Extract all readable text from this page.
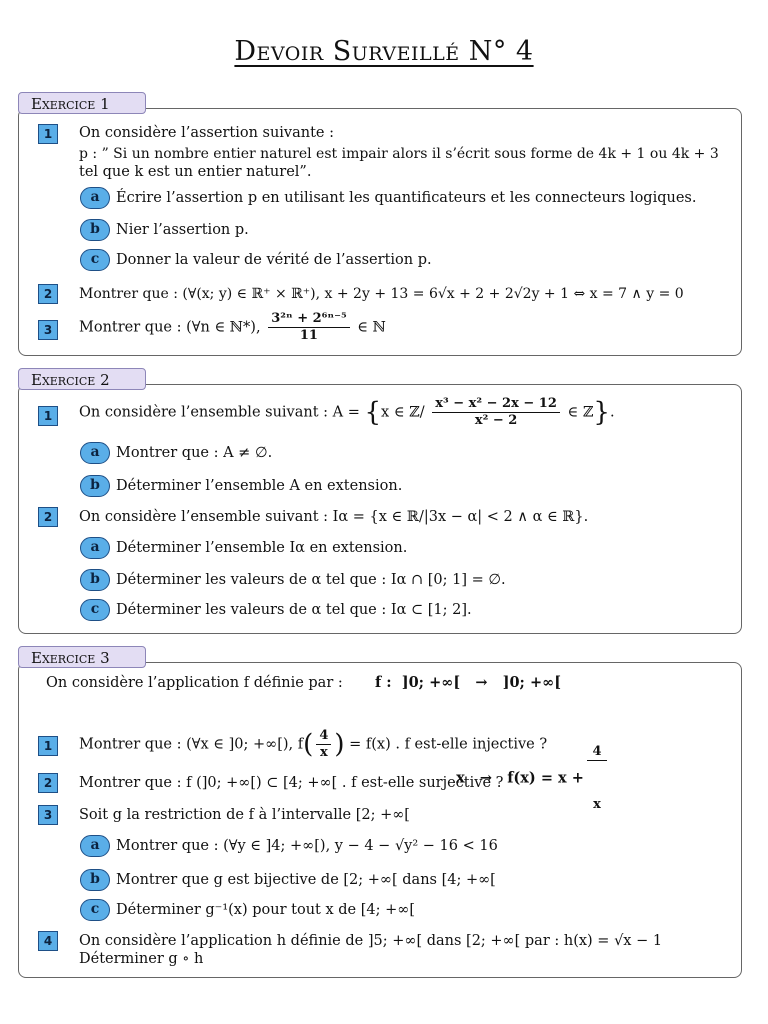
Devoir Surveillé N° 4
Exercice 1
1	On considère l’assertion suivante :
p : ” Si un nombre entier naturel est impair alors il s’écrit sous forme de 4k + 1 ou 4k + 3
tel que k est un entier naturel”.
a	Écrire l’assertion p en utilisant les quantificateurs et les connecteurs logiques.
b	Nier l’assertion p.
c	Donner la valeur de vérité de l’assertion p.
2	Montrer que : (∀(x; y) ∈ ℝ⁺ × ℝ⁺), x + 2y + 13 = 6√x + 2 + 2√2y + 1 ⇔ x = 7 ∧ y = 0
3	Montrer que : (∀n ∈ ℕ*), $\frac{\text{3²ⁿ + 2⁶ⁿ⁻⁵}}{11}$ ∈ ℕ
Exercice 2
1	On considère l’ensemble suivant : A = {x ∈ ℤ/ $\frac{\text{x³ − x² − 2x − 12}}{\text{x² − 2}}$ ∈ ℤ}.
a	Montrer que : A ≠ ∅.
b	Déterminer l’ensemble A en extension.
2	On considère l’ensemble suivant : Iα = {x ∈ ℝ/|3x − α| < 2 ∧ α ∈ ℝ}.
a	Déterminer l’ensemble Iα en extension.
b	Déterminer les valeurs de α tel que : Iα ∩ [0; 1] = ∅.
c	Déterminer les valeurs de α tel que : Iα ⊂ [1; 2].
Exercice 3
On considère l’application f définie par : f :  ]0; +∞[   →   ]0; +∞[

x   →   f(x) = x +
$\frac{4}{x}$

1	Montrer que : (∀x ∈ ]0; +∞[), $f( \frac{4}{x}$ ) = f(x) . f est-elle injective ?
2	Montrer que : f (]0; +∞[) ⊂ [4; +∞[ . f est-elle surjective ?
3	Soit g la restriction de f à l’intervalle [2; +∞[
a	Montrer que : (∀y ∈ ]4; +∞[), y − 4 − √y² − 16 < 16
b	Montrer que g est bijective de [2; +∞[ dans [4; +∞[
c	Déterminer g⁻¹(x) pour tout x de [4; +∞[
4	On considère l’application h définie de ]5; +∞[ dans [2; +∞[ par : h(x) = √x − 1
Déterminer g ∘ h
